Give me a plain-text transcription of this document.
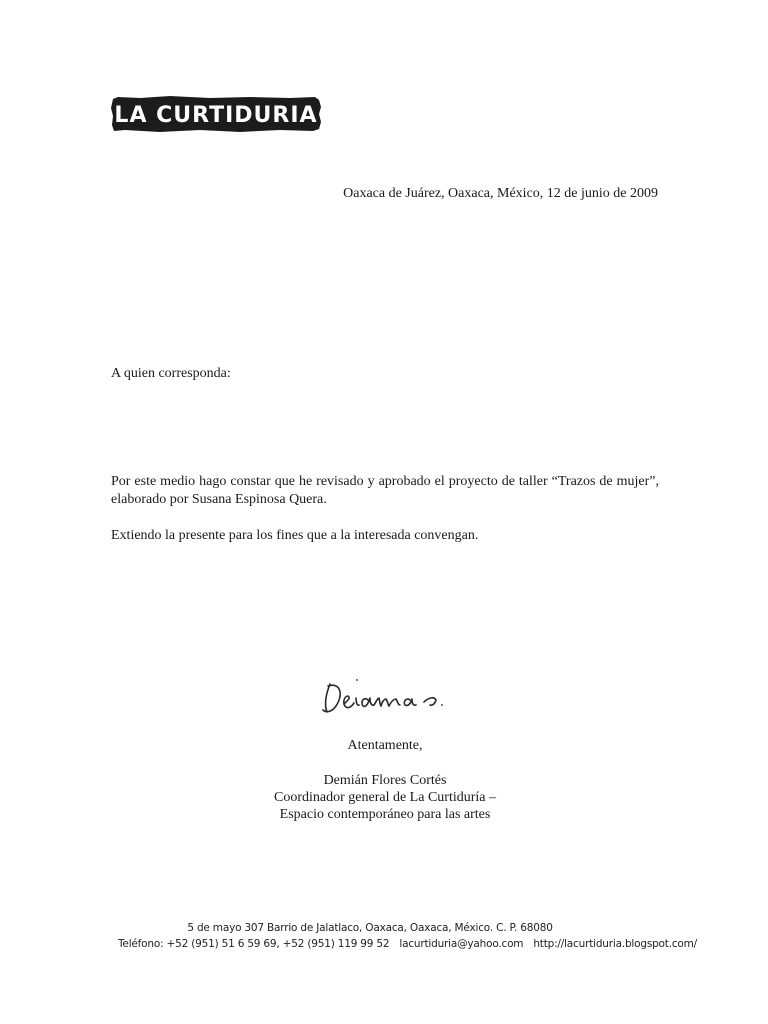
LA CURTIDURIA
Oaxaca de Juárez, Oaxaca, México, 12 de junio de 2009
A quien corresponda:
Por este medio hago constar que he revisado y aprobado el proyecto de taller “Trazos de mujer”, elaborado por Susana Espinosa Quera.
Extiendo la presente para los fines que a la interesada convengan.
Atentamente,
Demián Flores Cortés
Coordinador general de La Curtiduría –
Espacio contemporáneo para las artes
5 de mayo 307 Barrio de Jalatlaco, Oaxaca, Oaxaca, México. C. P. 68080
Teléfono: +52 (951) 51 6 59 69, +52 (951) 119 99 52 lacurtiduria@yahoo.com http://lacurtiduria.blogspot.com/
